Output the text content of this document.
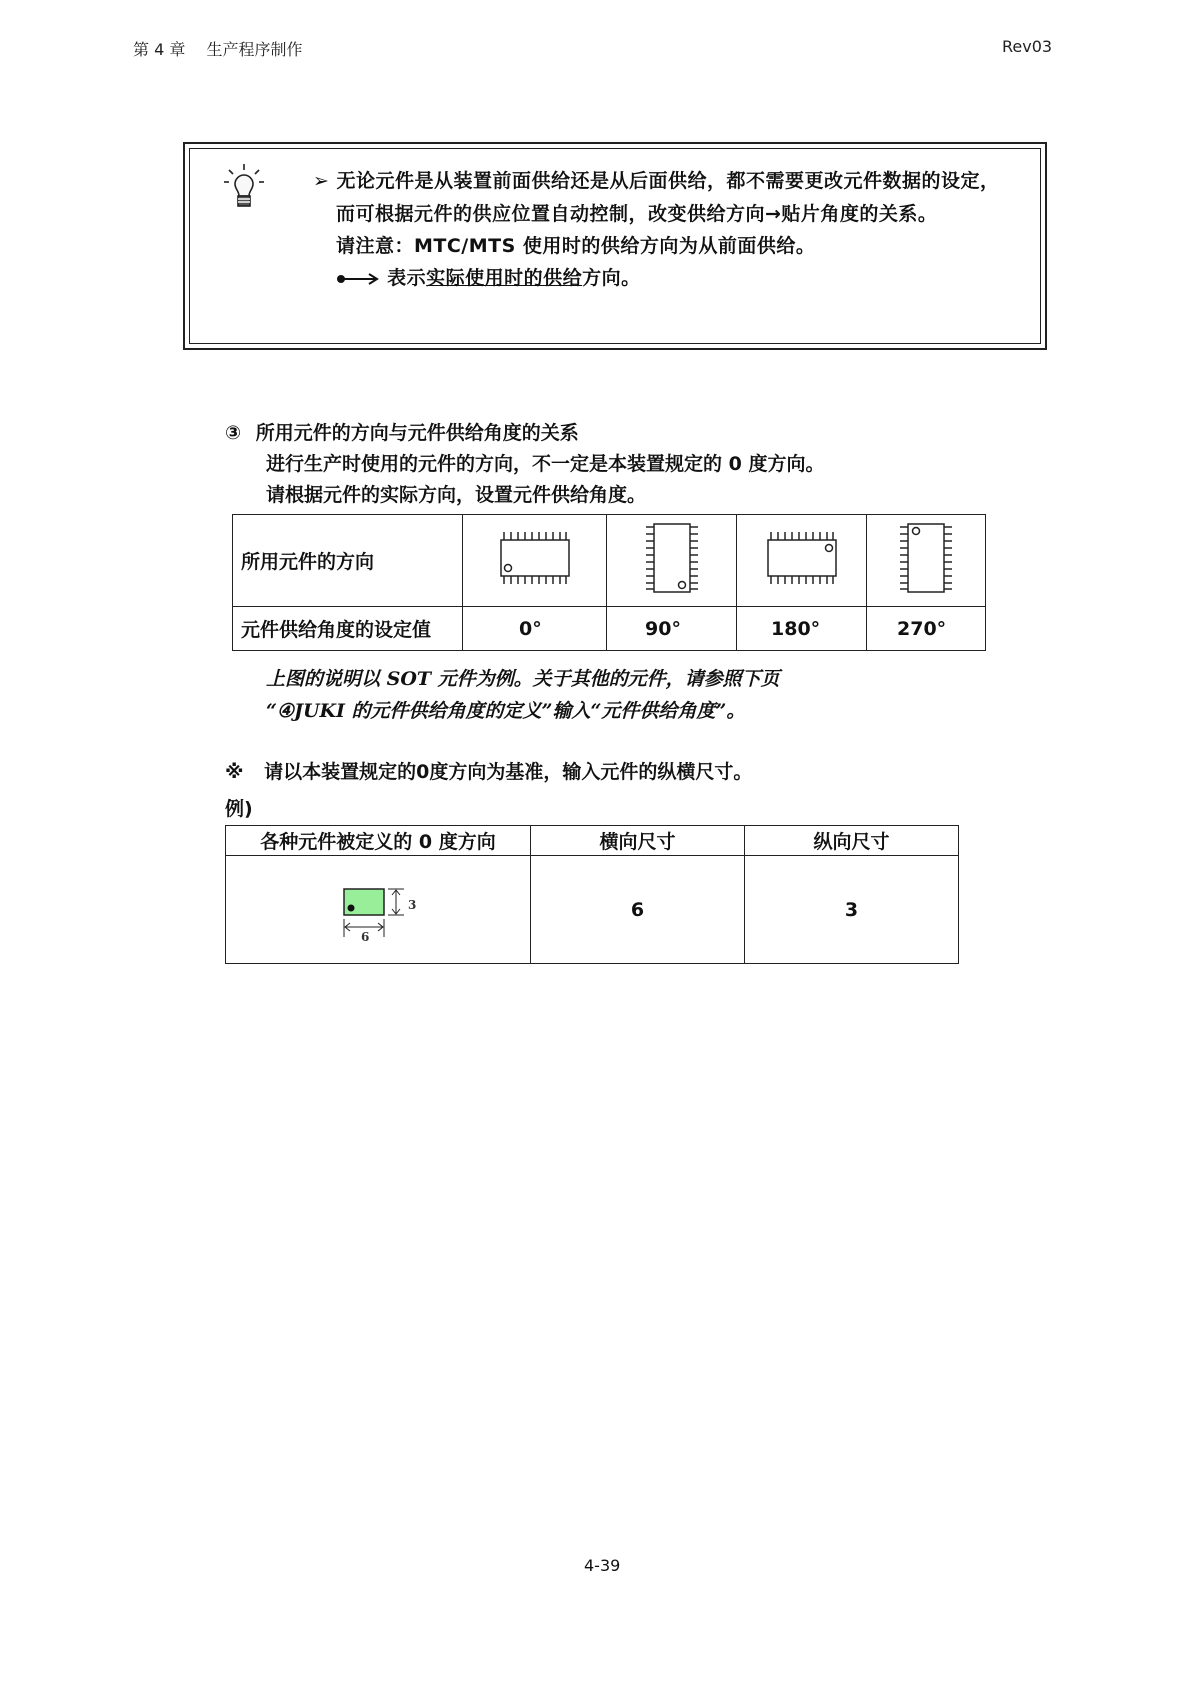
第 4 章　 生产程序制作	Rev03
➢ 无论元件是从装置前面供给还是从后面供给，都不需要更改元件数据的设定，
而可根据元件的供应位置自动控制，改变供给方向→贴片角度的关系。
请注意：MTC/MTS 使用时的供给方向为从前面供给。
表示实际使用时的供给方向。
③ 所用元件的方向与元件供给角度的关系
进行生产时使用的元件的方向，不一定是本装置规定的 0 度方向。
请根据元件的实际方向，设置元件供给角度。
所用元件的方向				
元件供给角度的设定值	0°	90°	180°	270°
上图的说明以 SOT 元件为例。关于其他的元件，请参照下页
“④JUKI 的元件供给角度的定义”输入“元件供给角度”。
※ 请以本装置规定的0度方向为基准，输入元件的纵横尺寸。
例)
各种元件被定义的 0 度方向	横向尺寸	纵向尺寸

3
6	6	3
4-39
